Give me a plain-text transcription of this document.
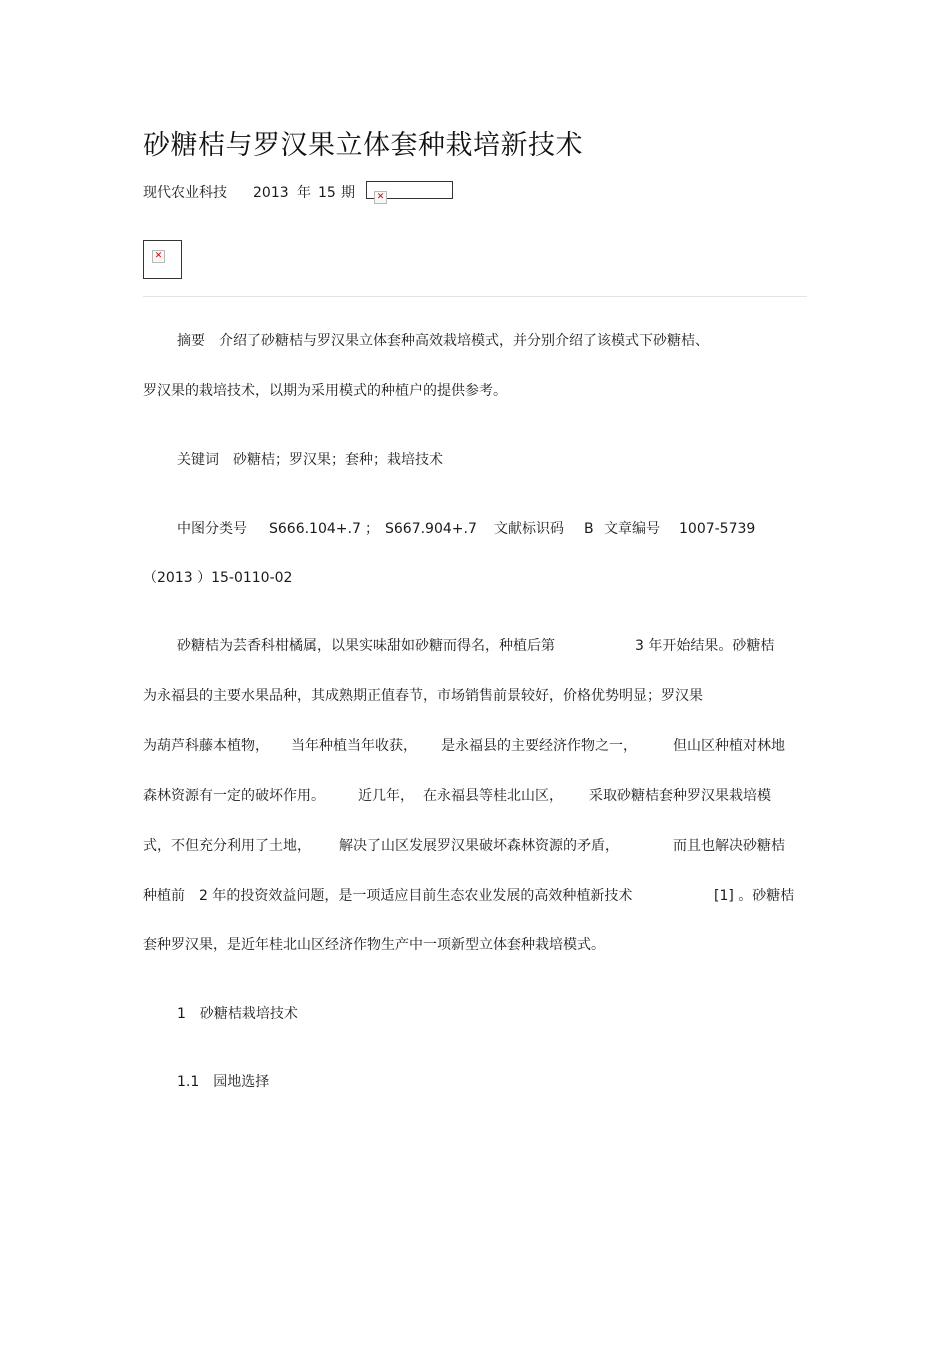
砂糖桔与罗汉果立体套种栽培新技术
现代农业科技 2013 年 15 期	✕
✕
摘要　介绍了砂糖桔与罗汉果立体套种高效栽培模式，并分别介绍了该模式下砂糖桔、
罗汉果的栽培技术，以期为采用模式的种植户的提供参考。
关键词　砂糖桔；罗汉果；套种；栽培技术
中图分类号 S666.104+.7 ； S667.904+.7 文献标识码 B 文章编号 1007-5739
（2013 ）15-0110-02
砂糖桔为芸香科柑橘属，以果实味甜如砂糖而得名，种植后第	3 年开始结果。砂糖桔
为永福县的主要水果品种，其成熟期正值春节，市场销售前景较好，价格优势明显；罗汉果
为葫芦科藤本植物， 当年种植当年收获， 是永福县的主要经济作物之一，	但山区种植对林地
森林资源有一定的破坏作用。 近几年， 在永福县等桂北山区， 采取砂糖桔套种罗汉果栽培模
式，不但充分利用了土地， 解决了山区发展罗汉果破坏森林资源的矛盾，	而且也解决砂糖桔
种植前　2 年的投资效益问题，是一项适应目前生态农业发展的高效种植新技术	[1] 。砂糖桔
套种罗汉果，是近年桂北山区经济作物生产中一项新型立体套种栽培模式。
1　砂糖桔栽培技术
1.1　园地选择
